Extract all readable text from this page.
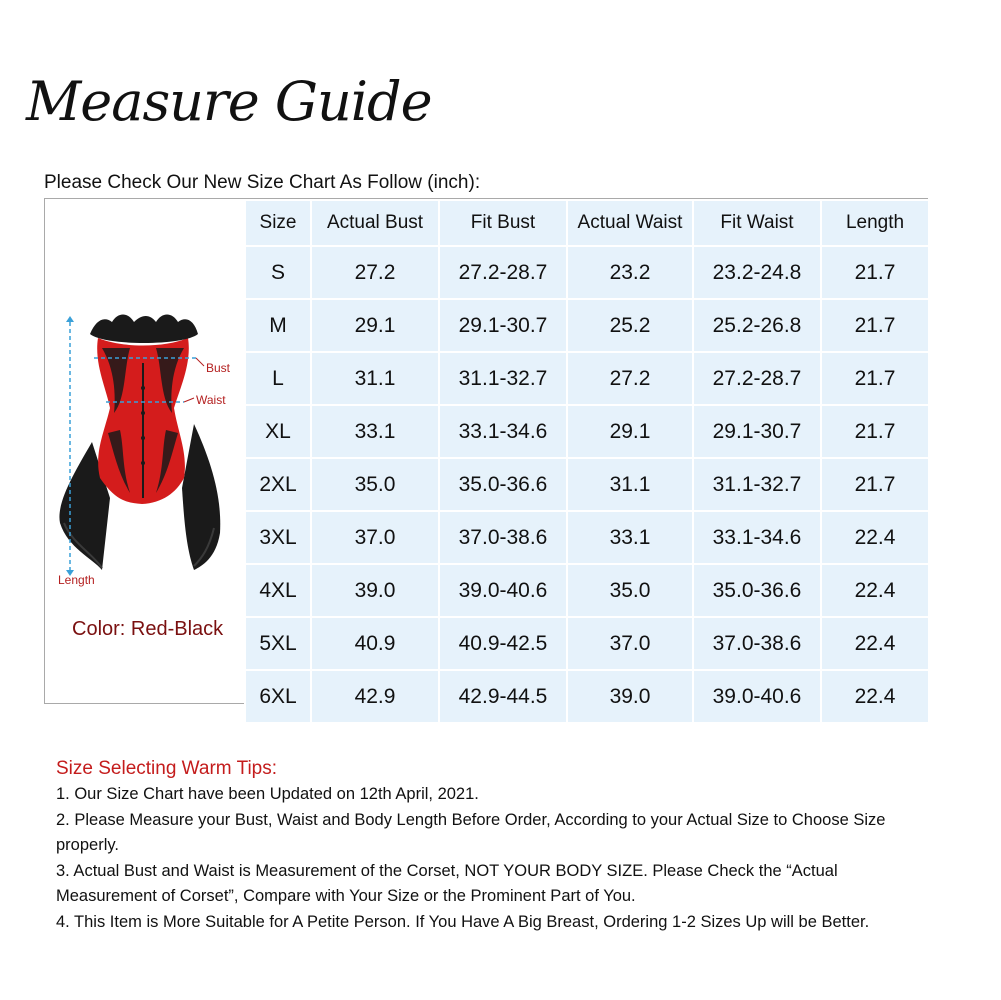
Measure Guide
Please Check Our New Size Chart As Follow (inch):
Bust
Waist
Length
Color: Red-Black
Size	Actual Bust	Fit Bust	Actual Waist	Fit Waist	Length
S	27.2	27.2-28.7	23.2	23.2-24.8	21.7
M	29.1	29.1-30.7	25.2	25.2-26.8	21.7
L	31.1	31.1-32.7	27.2	27.2-28.7	21.7
XL	33.1	33.1-34.6	29.1	29.1-30.7	21.7
2XL	35.0	35.0-36.6	31.1	31.1-32.7	21.7
3XL	37.0	37.0-38.6	33.1	33.1-34.6	22.4
4XL	39.0	39.0-40.6	35.0	35.0-36.6	22.4
5XL	40.9	40.9-42.5	37.0	37.0-38.6	22.4
6XL	42.9	42.9-44.5	39.0	39.0-40.6	22.4

Size Selecting Warm Tips:

1. Our Size Chart have been Updated on 12th April, 2021.

2. Please Measure your Bust, Waist and Body Length Before Order, According to your Actual Size to Choose Size properly.

3. Actual Bust and Waist is Measurement of the Corset, NOT YOUR BODY SIZE. Please Check the “Actual Measurement of Corset”, Compare with Your Size or the Prominent Part of You.

4. This Item is More Suitable for A Petite Person. If You Have A Big Breast, Ordering 1-2 Sizes Up will be Better.
